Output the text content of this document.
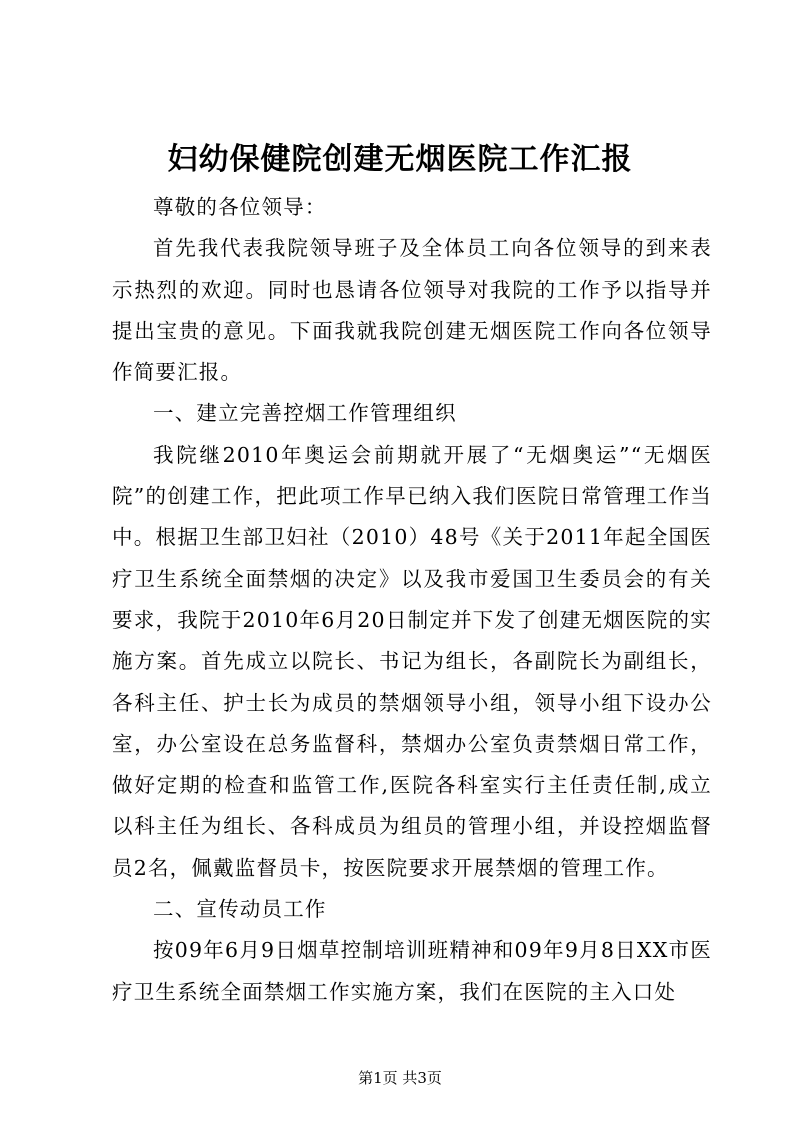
妇幼保健院创建无烟医院工作汇报

尊敬的各位领导：

首先我代表我院领导班子及全体员工向各位领导的到来表示热烈的欢迎。同时也恳请各位领导对我院的工作予以指导并提出宝贵的意见。下面我就我院创建无烟医院工作向各位领导作简要汇报。

一、建立完善控烟工作管理组织

我院继2010年奥运会前期就开展了“无烟奥运”“无烟医院”的创建工作，把此项工作早已纳入我们医院日常管理工作当中。根据卫生部卫妇社（2010）48号《关于2011年起全国医疗卫生系统全面禁烟的决定》以及我市爱国卫生委员会的有关要求，我院于2010年6月20日制定并下发了创建无烟医院的实施方案。首先成立以院长、书记为组长，各副院长为副组长，各科主任、护士长为成员的禁烟领导小组，领导小组下设办公室，办公室设在总务监督科，禁烟办公室负责禁烟日常工作，做好定期的检查和监管工作,医院各科室实行主任责任制,成立以科主任为组长、各科成员为组员的管理小组，并设控烟监督员2名，佩戴监督员卡，按医院要求开展禁烟的管理工作。

二、宣传动员工作

按09年6月9日烟草控制培训班精神和09年9月8日XX市医疗卫生系统全面禁烟工作实施方案，我们在医院的主入口处

第1页 共3页
